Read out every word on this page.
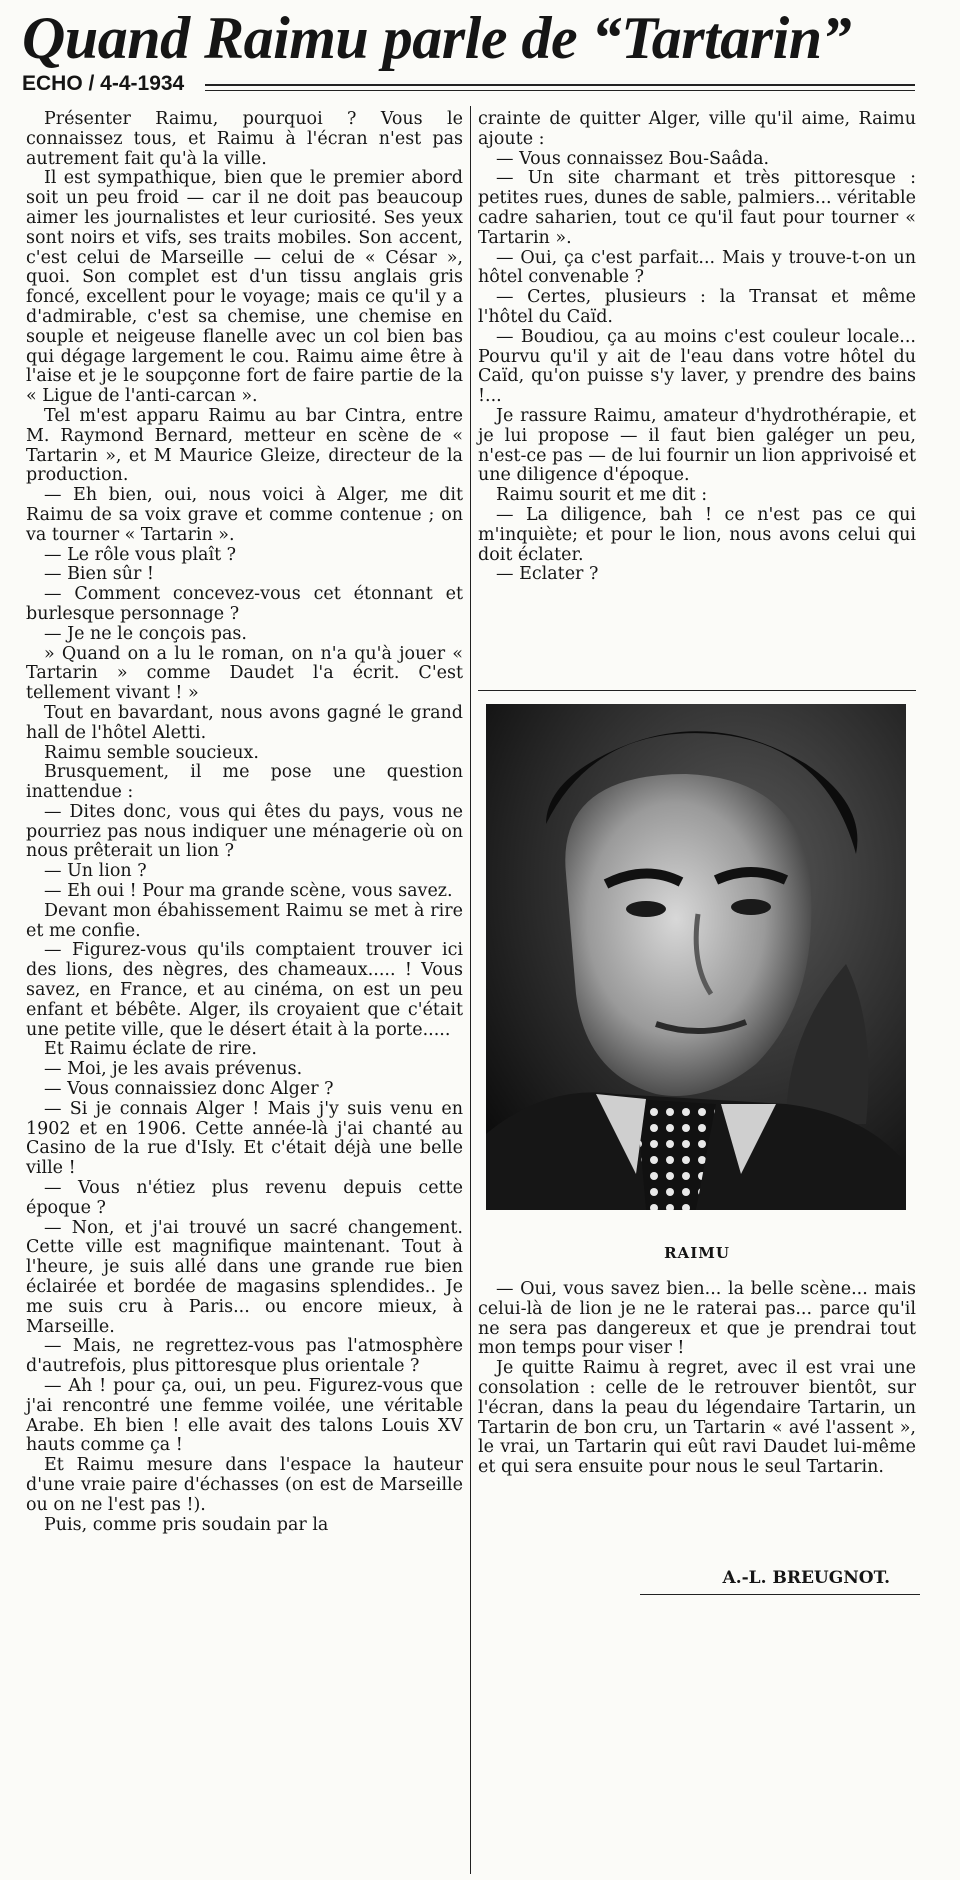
Quand Raimu parle de “Tartarin”
ECHO / 4-4-1934

Présenter Raimu, pourquoi ? Vous le connaissez tous, et Raimu à l'écran n'est pas autrement fait qu'à la ville.

Il est sympathique, bien que le premier abord soit un peu froid — car il ne doit pas beaucoup aimer les journalistes et leur curiosité. Ses yeux sont noirs et vifs, ses traits mobiles. Son accent, c'est celui de Marseille — celui de « César », quoi. Son complet est d'un tissu anglais gris foncé, excellent pour le voyage; mais ce qu'il y a d'admirable, c'est sa chemise, une chemise en souple et neigeuse flanelle avec un col bien bas qui dégage largement le cou. Raimu aime être à l'aise et je le soupçonne fort de faire partie de la « Ligue de l'anti-carcan ».

Tel m'est apparu Raimu au bar Cintra, entre M. Raymond Bernard, metteur en scène de « Tartarin », et M Maurice Gleize, directeur de la production.

— Eh bien, oui, nous voici à Alger, me dit Raimu de sa voix grave et comme contenue ; on va tourner « Tartarin ».

— Le rôle vous plaît ?

— Bien sûr !

— Comment concevez-vous cet étonnant et burlesque personnage ?

— Je ne le conçois pas.

» Quand on a lu le roman, on n'a qu'à jouer « Tartarin » comme Daudet l'a écrit. C'est tellement vivant ! »

Tout en bavardant, nous avons gagné le grand hall de l'hôtel Aletti.

Raimu semble soucieux.

Brusquement, il me pose une question inattendue :

— Dites donc, vous qui êtes du pays, vous ne pourriez pas nous indiquer une ménagerie où on nous prêterait un lion ?

— Un lion ?

— Eh oui ! Pour ma grande scène, vous savez.

Devant mon ébahissement Raimu se met à rire et me confie.

— Figurez-vous qu'ils comptaient trouver ici des lions, des nègres, des chameaux..... ! Vous savez, en France, et au cinéma, on est un peu enfant et bébête. Alger, ils croyaient que c'était une petite ville, que le désert était à la porte.....

Et Raimu éclate de rire.

— Moi, je les avais prévenus.

— Vous connaissiez donc Alger ?

— Si je connais Alger ! Mais j'y suis venu en 1902 et en 1906. Cette année-là j'ai chanté au Casino de la rue d'Isly. Et c'était déjà une belle ville !

— Vous n'étiez plus revenu depuis cette époque ?

— Non, et j'ai trouvé un sacré changement. Cette ville est magnifique maintenant. Tout à l'heure, je suis allé dans une grande rue bien éclairée et bordée de magasins splendides.. Je me suis cru à Paris... ou encore mieux, à Marseille.

— Mais, ne regrettez-vous pas l'atmosphère d'autrefois, plus pittoresque plus orientale ?

— Ah ! pour ça, oui, un peu. Figurez-vous que j'ai rencontré une femme voilée, une véritable Arabe. Eh bien ! elle avait des talons Louis XV hauts comme ça !

Et Raimu mesure dans l'espace la hauteur d'une vraie paire d'échasses (on est de Marseille ou on ne l'est pas !).

Puis, comme pris soudain par la

crainte de quitter Alger, ville qu'il aime, Raimu ajoute :

— Vous connaissez Bou-Saâda.

— Un site charmant et très pittoresque : petites rues, dunes de sable, palmiers... véritable cadre saharien, tout ce qu'il faut pour tourner « Tartarin ».

— Oui, ça c'est parfait... Mais y trouve-t-on un hôtel convenable ?

— Certes, plusieurs : la Transat et même l'hôtel du Caïd.

— Boudiou, ça au moins c'est couleur locale... Pourvu qu'il y ait de l'eau dans votre hôtel du Caïd, qu'on puisse s'y laver, y prendre des bains !...

Je rassure Raimu, amateur d'hydrothérapie, et je lui propose — il faut bien galéger un peu, n'est-ce pas — de lui fournir un lion apprivoisé et une diligence d'époque.

Raimu sourit et me dit :

— La diligence, bah ! ce n'est pas ce qui m'inquiète; et pour le lion, nous avons celui qui doit éclater.

— Eclater ?

RAIMU

— Oui, vous savez bien... la belle scène... mais celui-là de lion je ne le raterai pas... parce qu'il ne sera pas dangereux et que je prendrai tout mon temps pour viser !

Je quitte Raimu à regret, avec il est vrai une consolation : celle de le retrouver bientôt, sur l'écran, dans la peau du légendaire Tartarin, un Tartarin de bon cru, un Tartarin « avé l'assent », le vrai, un Tartarin qui eût ravi Daudet lui-même et qui sera ensuite pour nous le seul Tartarin.

A.-L. BREUGNOT.
